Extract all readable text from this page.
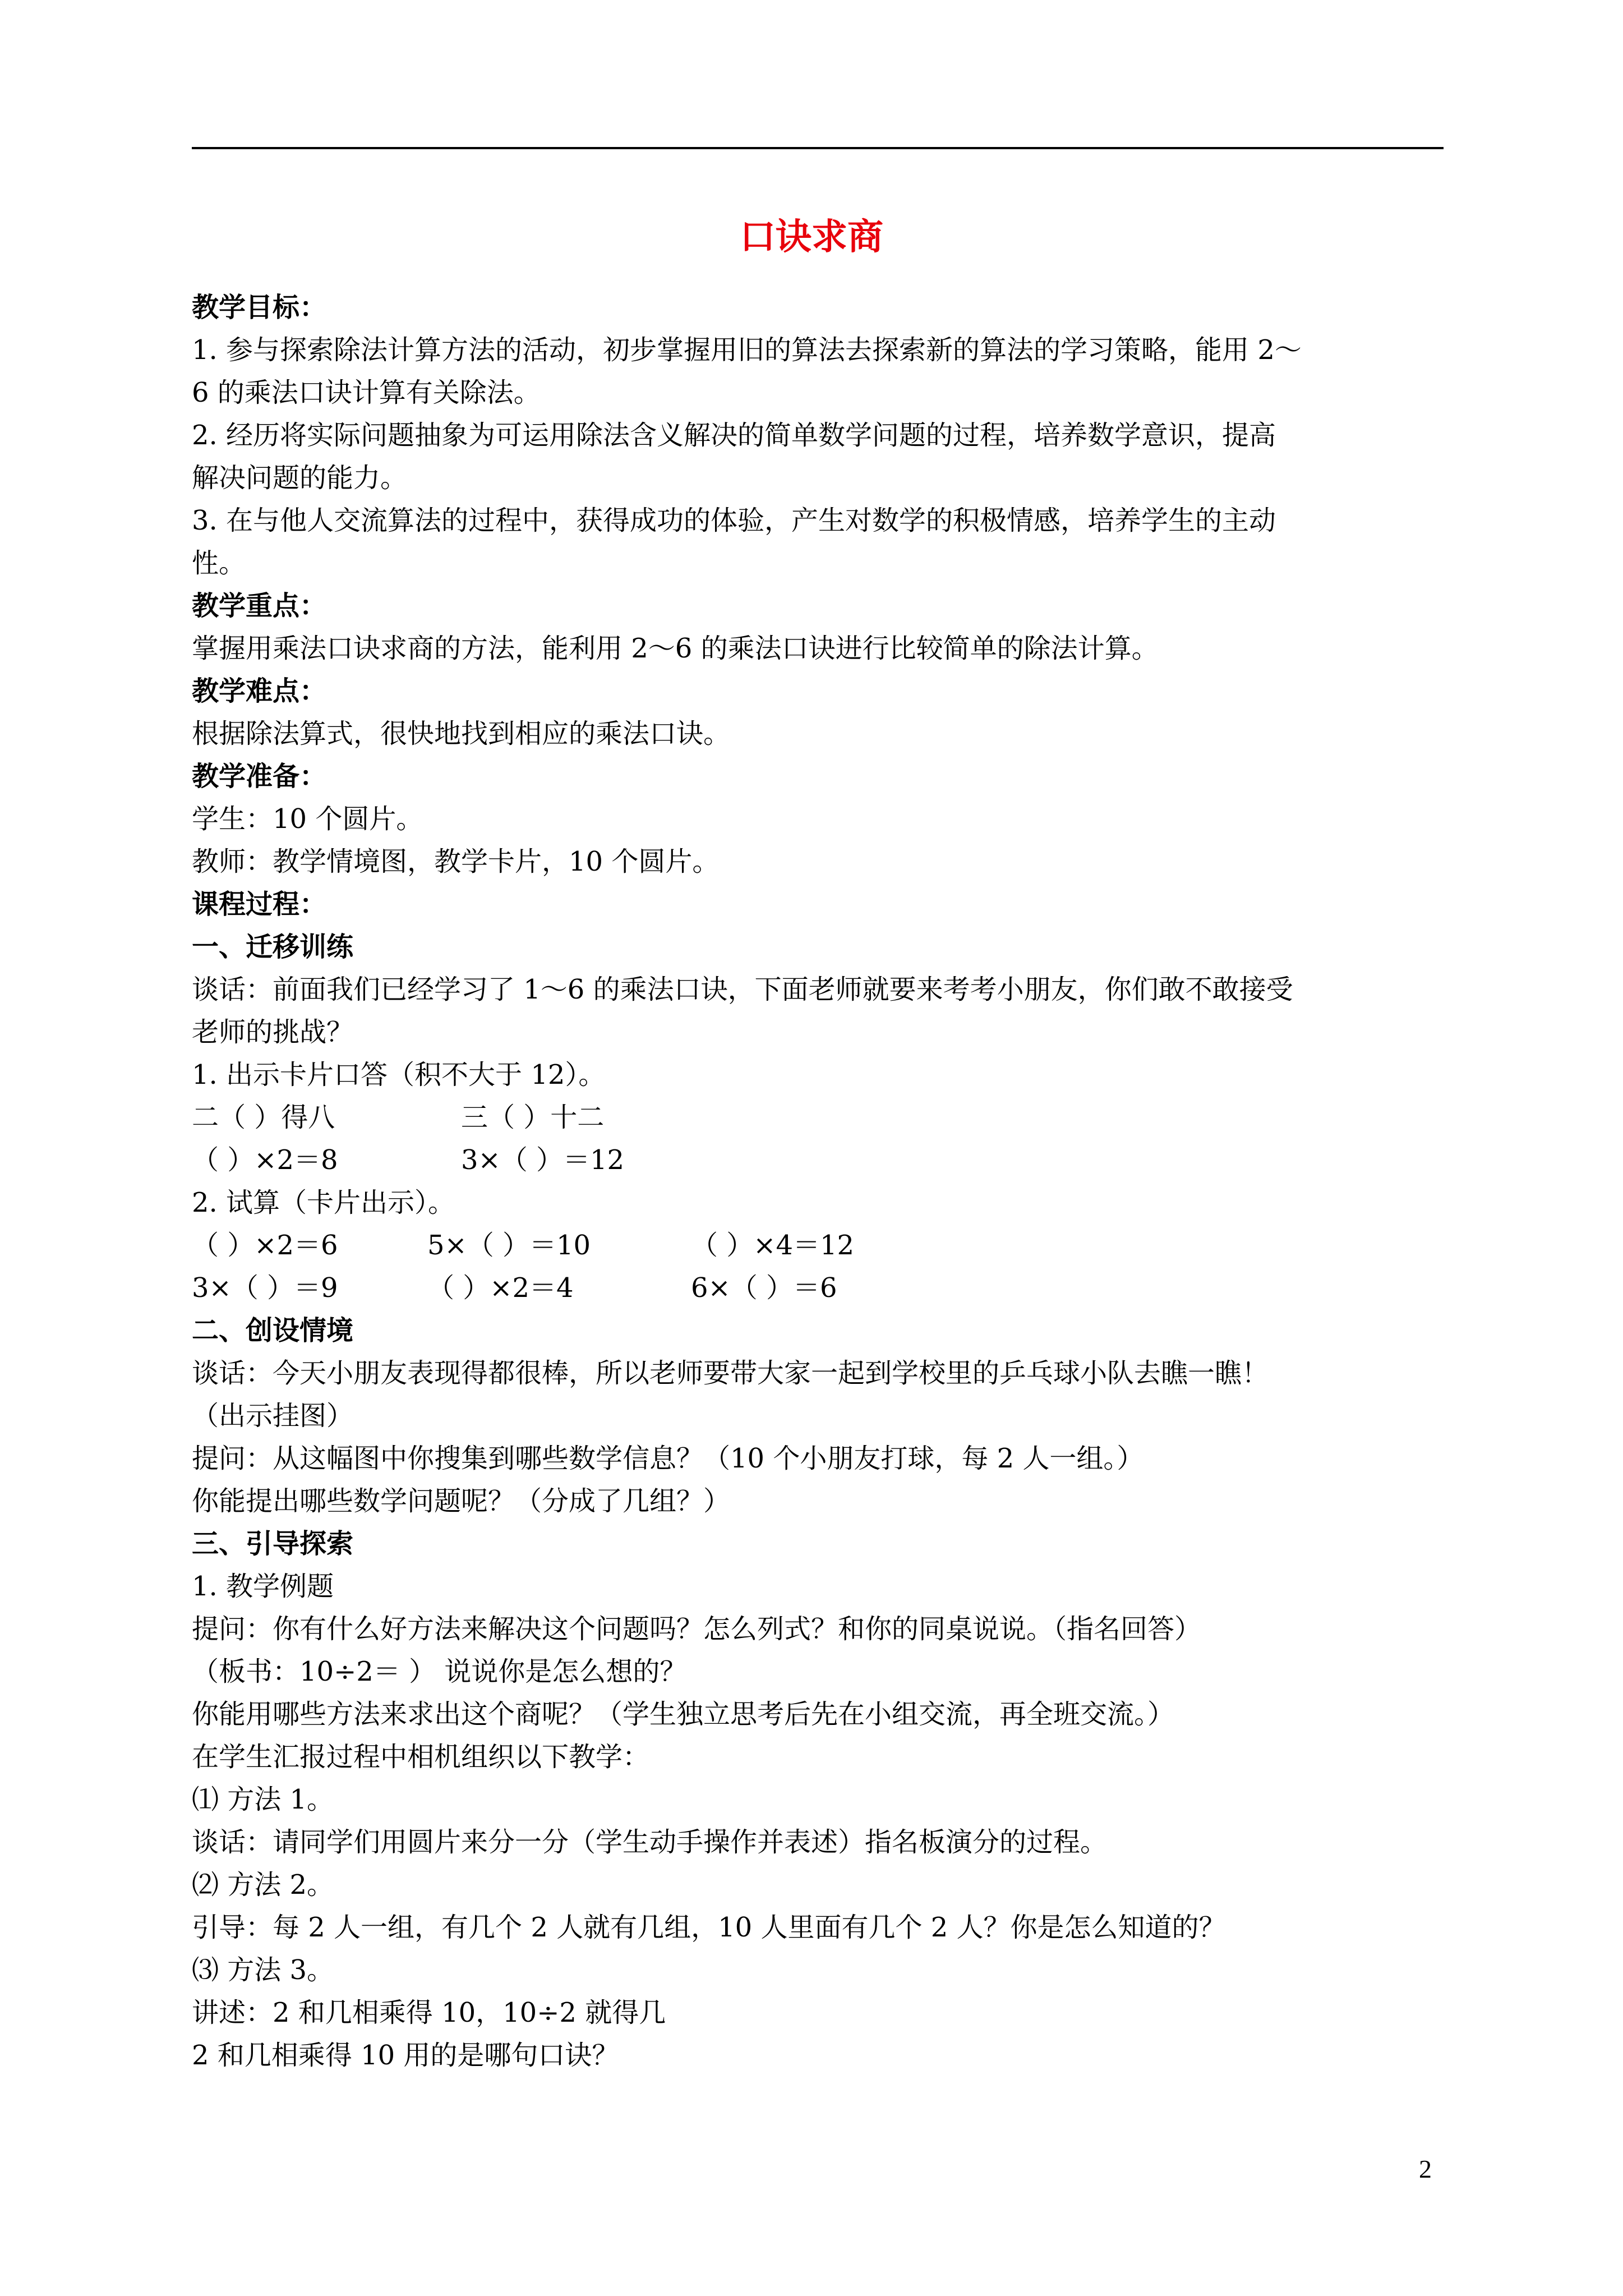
口诀求商
教学目标：
1. 参与探索除法计算方法的活动，初步掌握用旧的算法去探索新的算法的学习策略，能用 2～
6 的乘法口诀计算有关除法。
2. 经历将实际问题抽象为可运用除法含义解决的简单数学问题的过程，培养数学意识，提高
解决问题的能力。
3. 在与他人交流算法的过程中，获得成功的体验，产生对数学的积极情感，培养学生的主动
性。
教学重点：
掌握用乘法口诀求商的方法，能利用 2～6 的乘法口诀进行比较简单的除法计算。
教学难点：
根据除法算式，很快地找到相应的乘法口诀。
教学准备：
学生：10 个圆片。
教师：教学情境图，教学卡片，10 个圆片。
课程过程：
一、迁移训练
谈话：前面我们已经学习了 1～6 的乘法口诀，下面老师就要来考考小朋友，你们敢不敢接受
老师的挑战？
1. 出示卡片口答（积不大于 12）。
二（ ）得八	三（ ）十二
（ ）×2＝8	3×（ ）＝12
2. 试算（卡片出示）。
（ ）×2＝6	5×（ ）＝10	（ ）×4＝12
3×（ ）＝9	（ ）×2＝4	6×（ ）＝6
二、创设情境
谈话：今天小朋友表现得都很棒，所以老师要带大家一起到学校里的乒乓球小队去瞧一瞧！
（出示挂图）
提问：从这幅图中你搜集到哪些数学信息？（10 个小朋友打球，每 2 人一组。）
你能提出哪些数学问题呢？（分成了几组？）
三、引导探索
1. 教学例题
提问：你有什么好方法来解决这个问题吗？怎么列式？和你的同桌说说。（指名回答）
（板书：10÷2＝ ） 说说你是怎么想的？
你能用哪些方法来求出这个商呢？（学生独立思考后先在小组交流，再全班交流。）
在学生汇报过程中相机组织以下教学：
⑴ 方法 1。
谈话：请同学们用圆片来分一分（学生动手操作并表述）指名板演分的过程。
⑵ 方法 2。
引导：每 2 人一组，有几个 2 人就有几组，10 人里面有几个 2 人？你是怎么知道的？
⑶ 方法 3。
讲述：2 和几相乘得 10，10÷2 就得几
2 和几相乘得 10 用的是哪句口诀？
2
